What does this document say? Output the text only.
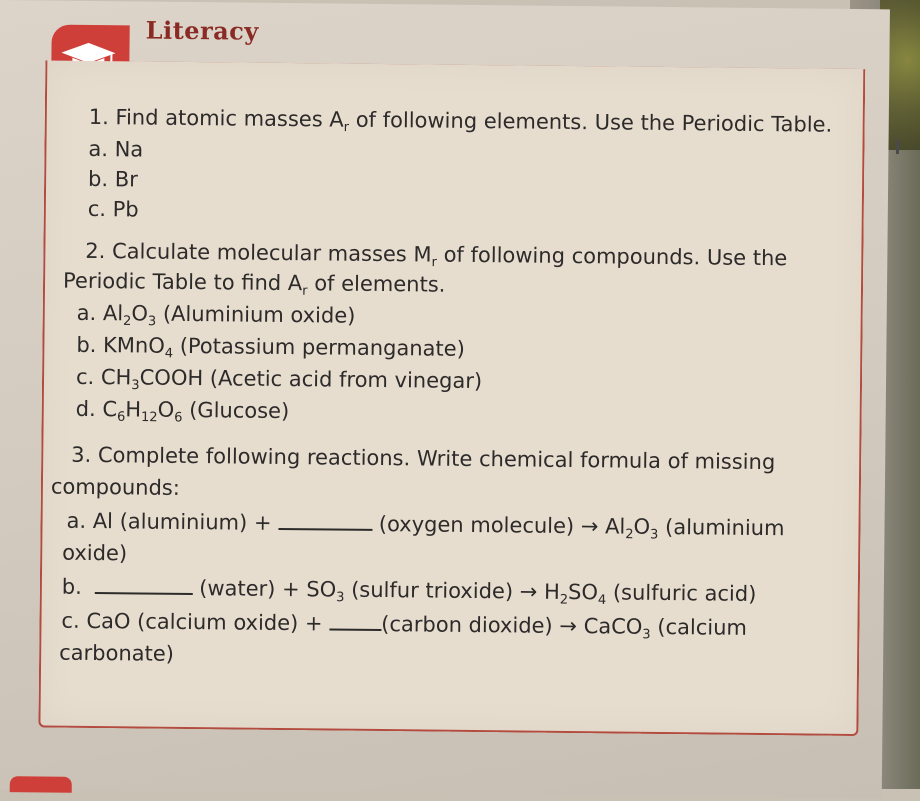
Literacy
1. Find atomic masses $A_r$ of following elements. Use the Periodic Table.
a. Na
b. Br
c. Pb
2. Calculate molecular masses $M_r$ of following compounds. Use the
Periodic Table to find $A_r$ of elements.
a. $Al_2O_3$ (Aluminium oxide)
b. KMnO$_4$ (Potassium permanganate)
c. $CH_3COOH$ (Acetic acid from vinegar)
d. $C_6H_{12}O_6$ (Glucose)
3. Complete following reactions. Write chemical formula of missing
compounds:
a. Al (aluminium) +	(oxygen molecule) → $Al_2O_3$ (aluminium
oxide)
b.	(water) + $SO_3$ (sulfur trioxide) → $H_2SO_4$ (sulfuric acid)
c. CaO (calcium oxide) + (carbon dioxide) → CaCO$_3$ (calcium
carbonate)
